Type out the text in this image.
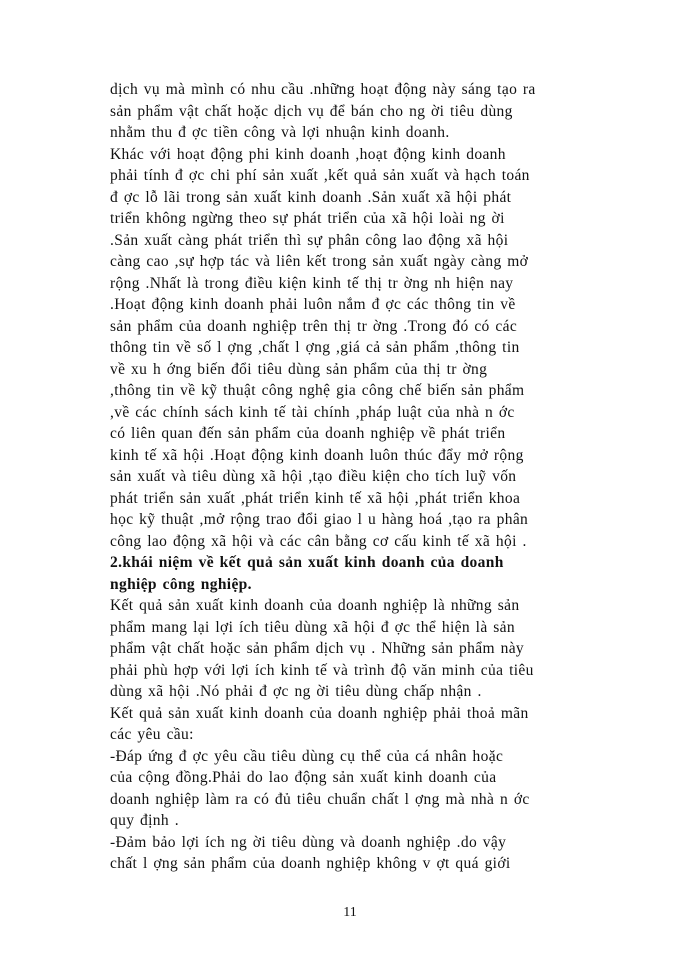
dịch vụ mà mình có nhu cầu .những hoạt động này sáng tạo ra
sản phẩm vật chất hoặc dịch vụ để bán cho ng ời tiêu dùng
nhằm thu đ ợc tiền công và lợi nhuận kinh doanh.
Khác với hoạt động phi kinh doanh ,hoạt động kinh doanh
phải tính đ ợc chi phí sản xuất ,kết quả sản xuất và hạch toán
đ ợc lỗ lãi trong sản xuất kinh doanh .Sản xuất xã hội phát
triển không ngừng theo sự phát triển của xã hội loài ng ời
.Sản xuất càng phát triển thì sự phân công lao động xã hội
càng cao ,sự hợp tác và liên kết trong sản xuất ngày càng mở
rộng .Nhất là trong điều kiện kinh tế thị tr ờng nh hiện nay
.Hoạt động kinh doanh phải luôn nắm đ ợc các thông tin về
sản phẩm của doanh nghiệp trên thị tr ờng .Trong đó có các
thông tin về số l ợng ,chất l ợng ,giá cả sản phẩm ,thông tin
về xu h ớng biến đổi tiêu dùng sản phẩm của thị tr ờng
,thông tin về kỹ thuật công nghệ gia công chế biến sản phẩm
,về các chính sách kinh tế tài chính ,pháp luật của nhà n ớc
có liên quan đến sản phẩm của doanh nghiệp về phát triển
kinh tế xã hội .Hoạt động kinh doanh luôn thúc đẩy mở rộng
sản xuất và tiêu dùng xã hội ,tạo điều kiện cho tích luỹ vốn
phát triển sản xuất ,phát triển kinh tế xã hội ,phát triển khoa
học kỹ thuật ,mở rộng trao đổi giao l u hàng hoá ,tạo ra phân
công lao động xã hội và các cân bằng cơ cấu kinh tế xã hội .
2.khái niệm về kết quả sản xuất kinh doanh của doanh
nghiệp công nghiệp.
Kết quả sản xuất kinh doanh của doanh nghiệp là những sản
phẩm mang lại lợi ích tiêu dùng xã hội đ ợc thể hiện là sản
phẩm vật chất hoặc sản phẩm dịch vụ . Những sản phẩm này
phải phù hợp với lợi ích kinh tế và trình độ văn minh của tiêu
dùng xã hội .Nó phải đ ợc ng ời tiêu dùng chấp nhận .
Kết quả sản xuất kinh doanh của doanh nghiệp phải thoả mãn
các yêu cầu:
-Đáp ứng đ ợc yêu cầu tiêu dùng cụ thể của cá nhân hoặc
của cộng đồng.Phải do lao động sản xuất kinh doanh của
doanh nghiệp làm ra có đủ tiêu chuẩn chất l ợng mà nhà n ớc
quy định .
-Đảm bảo lợi ích ng ời tiêu dùng và doanh nghiệp .do vậy
chất l ợng sản phẩm của doanh nghiệp không v ợt quá giới
11
